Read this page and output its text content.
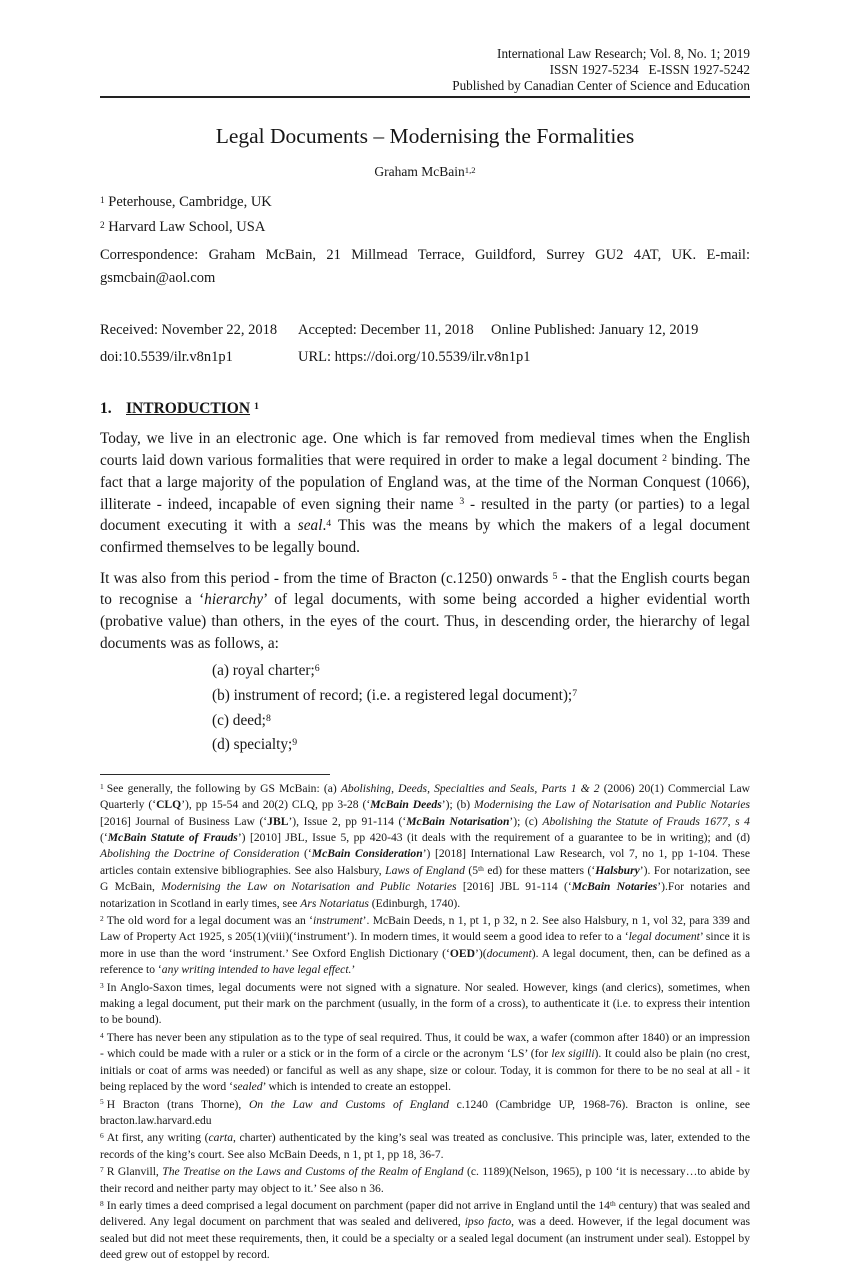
International Law Research; Vol. 8, No. 1; 2019
ISSN 1927-5234   E-ISSN 1927-5242
Published by Canadian Center of Science and Education
Legal Documents – Modernising the Formalities
Graham McBain$^{1,2}$
$^1$ Peterhouse, Cambridge, UK
$^2$ Harvard Law School, USA

Correspondence: Graham McBain, 21 Millmead Terrace, Guildford, Surrey GU2 4AT, UK. E-mail: gsmcbain@aol.com

Received: November 22, 2018 Accepted: December 11, 2018 Online Published: January 12, 2019
doi:10.5539/ilr.v8n1p1	URL: https://doi.org/10.5539/ilr.v8n1p1
1. INTRODUCTION $^1$

Today, we live in an electronic age. One which is far removed from medieval times when the English courts laid down various formalities that were required in order to make a legal document $^2$ binding. The fact that a large majority of the population of England was, at the time of the Norman Conquest (1066), illiterate - indeed, incapable of even signing their name $^3$ - resulted in the party (or parties) to a legal document executing it with a seal.$^4$ This was the means by which the makers of a legal document confirmed themselves to be legally bound.

It was also from this period - from the time of Bracton (c.1250) onwards $^5$ - that the English courts began to recognise a ‘hierarchy’ of legal documents, with some being accorded a higher evidential worth (probative value) than others, in the eyes of the court. Thus, in descending order, the hierarchy of legal documents was as follows, a:

(a) royal charter;$^6$
(b) instrument of record; (i.e. a registered legal document);$^7$
(c) deed;$^8$
(d) specialty;$^9$

$^1$ See generally, the following by GS McBain: (a) Abolishing, Deeds, Specialties and Seals, Parts 1 & 2 (2006) 20(1) Commercial Law Quarterly (‘CLQ’), pp 15-54 and 20(2) CLQ, pp 3-28 (‘McBain Deeds’); (b) Modernising the Law of Notarisation and Public Notaries [2016] Journal of Business Law (‘JBL’), Issue 2, pp 91-114 (‘McBain Notarisation’); (c) Abolishing the Statute of Frauds 1677, s 4 (‘McBain Statute of Frauds’) [2010] JBL, Issue 5, pp 420-43 (it deals with the requirement of a guarantee to be in writing); and (d) Abolishing the Doctrine of Consideration (‘McBain Consideration’) [2018] International Law Research, vol 7, no 1, pp 1-104. These articles contain extensive bibliographies. See also Halsbury, Laws of England (5th ed) for these matters (‘Halsbury’). For notarization, see G McBain, Modernising the Law on Notarisation and Public Notaries [2016] JBL 91-114 (‘McBain Notaries’).For notaries and notarization in Scotland in early times, see Ars Notariatus (Edinburgh, 1740).

$^2$ The old word for a legal document was an ‘instrument’. McBain Deeds, n 1, pt 1, p 32, n 2. See also Halsbury, n 1, vol 32, para 339 and Law of Property Act 1925, s 205(1)(viii)(‘instrument’). In modern times, it would seem a good idea to refer to a ‘legal document’ since it is more in use than the word ‘instrument.’ See Oxford English Dictionary (‘OED’)(document). A legal document, then, can be defined as a reference to ‘any writing intended to have legal effect.’

$^3$ In Anglo-Saxon times, legal documents were not signed with a signature. Nor sealed. However, kings (and clerics), sometimes, when making a legal document, put their mark on the parchment (usually, in the form of a cross), to authenticate it (i.e. to express their intention to be bound).

$^4$ There has never been any stipulation as to the type of seal required. Thus, it could be wax, a wafer (common after 1840) or an impression - which could be made with a ruler or a stick or in the form of a circle or the acronym ‘LS’ (for lex sigilli). It could also be plain (no crest, initials or coat of arms was needed) or fanciful as well as any shape, size or colour. Today, it is common for there to be no seal at all - it being replaced by the word ‘sealed’ which is intended to create an estoppel.

$^5$ H Bracton (trans Thorne), On the Law and Customs of England c.1240 (Cambridge UP, 1968-76). Bracton is online, see bracton.law.harvard.edu

$^6$ At first, any writing (carta, charter) authenticated by the king’s seal was treated as conclusive. This principle was, later, extended to the records of the king’s court. See also McBain Deeds, n 1, pt 1, pp 18, 36-7.

$^7$ R Glanvill, The Treatise on the Laws and Customs of the Realm of England (c. 1189)(Nelson, 1965), p 100 ‘it is necessary…to abide by their record and neither party may object to it.’ See also n 36.

$^8$ In early times a deed comprised a legal document on parchment (paper did not arrive in England until the 14th century) that was sealed and delivered. Any legal document on parchment that was sealed and delivered, ipso facto, was a deed. However, if the legal document was sealed but did not meet these requirements, then, it could be a specialty or a sealed legal document (an instrument under seal). Estoppel by deed grew out of estoppel by record.
